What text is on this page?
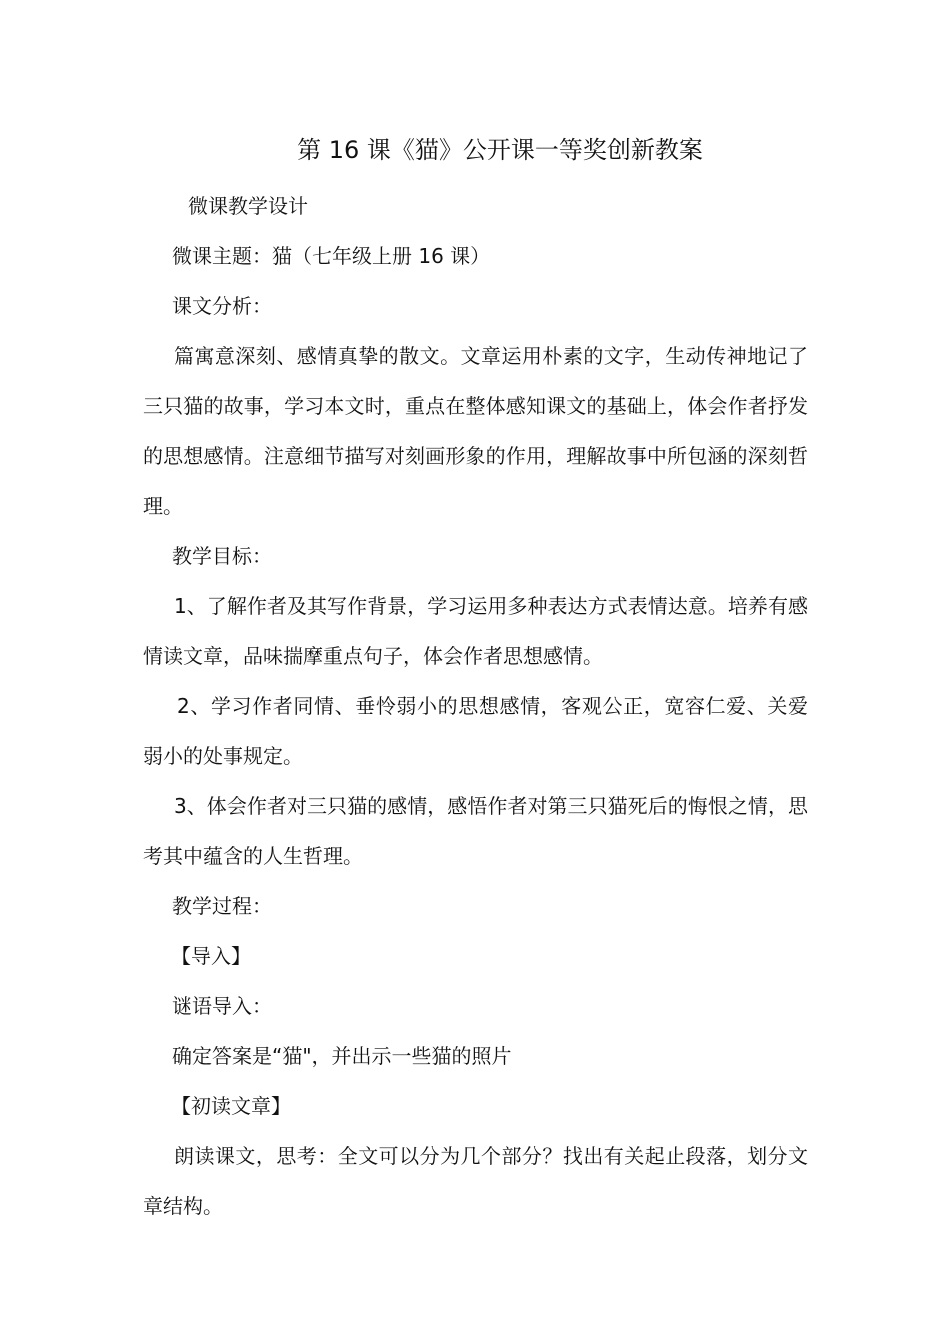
第 16 课《猫》公开课一等奖创新教案

微课教学设计

微课主题：猫（七年级上册 16 课）

课文分析：

篇寓意深刻、感情真挚的散文。文章运用朴素的文字，生动传神地记了三只猫的故事，学习本文时，重点在整体感知课文的基础上，体会作者抒发的思想感情。注意细节描写对刻画形象的作用，理解故事中所包涵的深刻哲理。

教学目标：

1、了解作者及其写作背景，学习运用多种表达方式表情达意。培养有感情读文章，品味揣摩重点句子，体会作者思想感情。

2、学习作者同情、垂怜弱小的思想感情，客观公正，宽容仁爱、关爱弱小的处事规定。

3、体会作者对三只猫的感情，感悟作者对第三只猫死后的悔恨之情，思考其中蕴含的人生哲理。

教学过程：

【导入】

谜语导入：

确定答案是“猫"，并出示一些猫的照片

【初读文章】

朗读课文，思考：全文可以分为几个部分？找出有关起止段落，划分文章结构。
